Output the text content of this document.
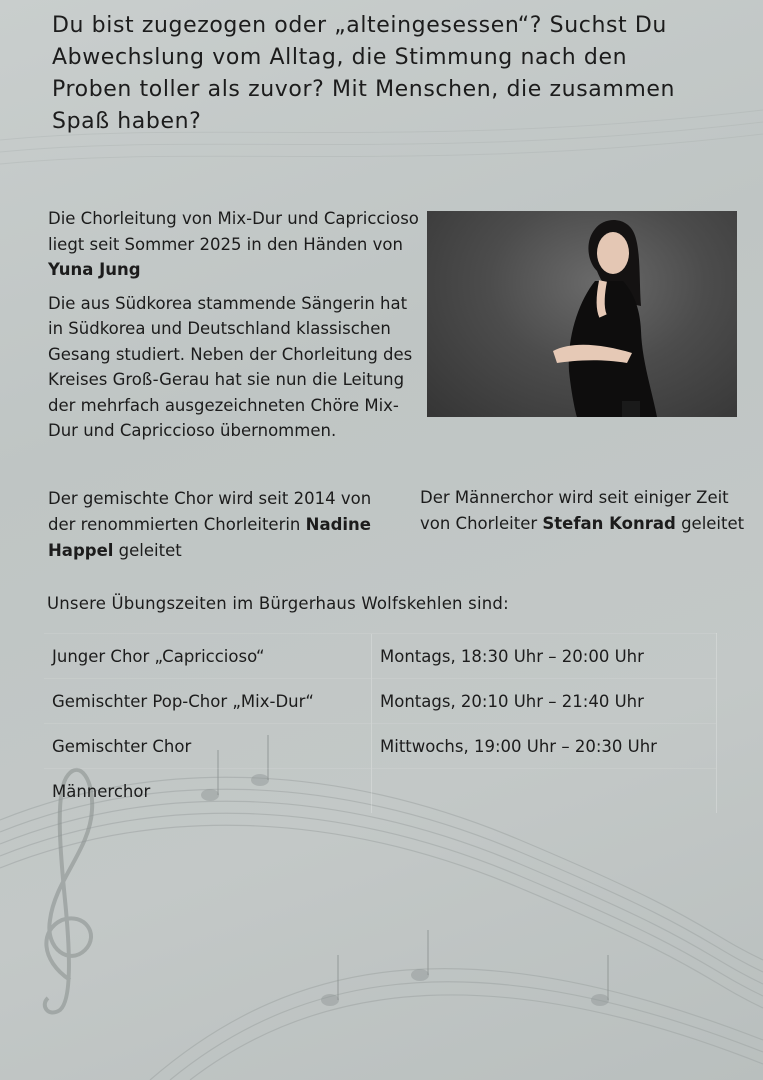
Du bist zugezogen oder „alteingesessen“? Suchst Du Abwechslung vom Alltag, die Stimmung nach den Proben toller als zuvor? Mit Menschen, die zusammen Spaß haben?

Die Chorleitung von Mix-Dur und Capriccioso liegt seit Sommer 2025 in den Händen von Yuna Jung

Die aus Südkorea stammende Sängerin hat in Südkorea und Deutschland klassischen Gesang studiert. Neben der Chorleitung des Kreises Groß-Gerau hat sie nun die Leitung der mehrfach ausgezeichneten Chöre Mix-Dur und Capriccioso übernommen.

Der gemischte Chor wird seit 2014 von der renommierten Chorleiterin Nadine Happel geleitet

Der Männerchor wird seit einiger Zeit von Chorleiter Stefan Konrad geleitet

Unsere Übungszeiten im Bürgerhaus Wolfskehlen sind:

Junger Chor „Capriccioso“	Montags, 18:30 Uhr – 20:00 Uhr
Gemischter Pop-Chor „Mix-Dur“	Montags, 20:10 Uhr – 21:40 Uhr
Gemischter Chor	Mittwochs, 19:00 Uhr – 20:30 Uhr
Männerchor	
